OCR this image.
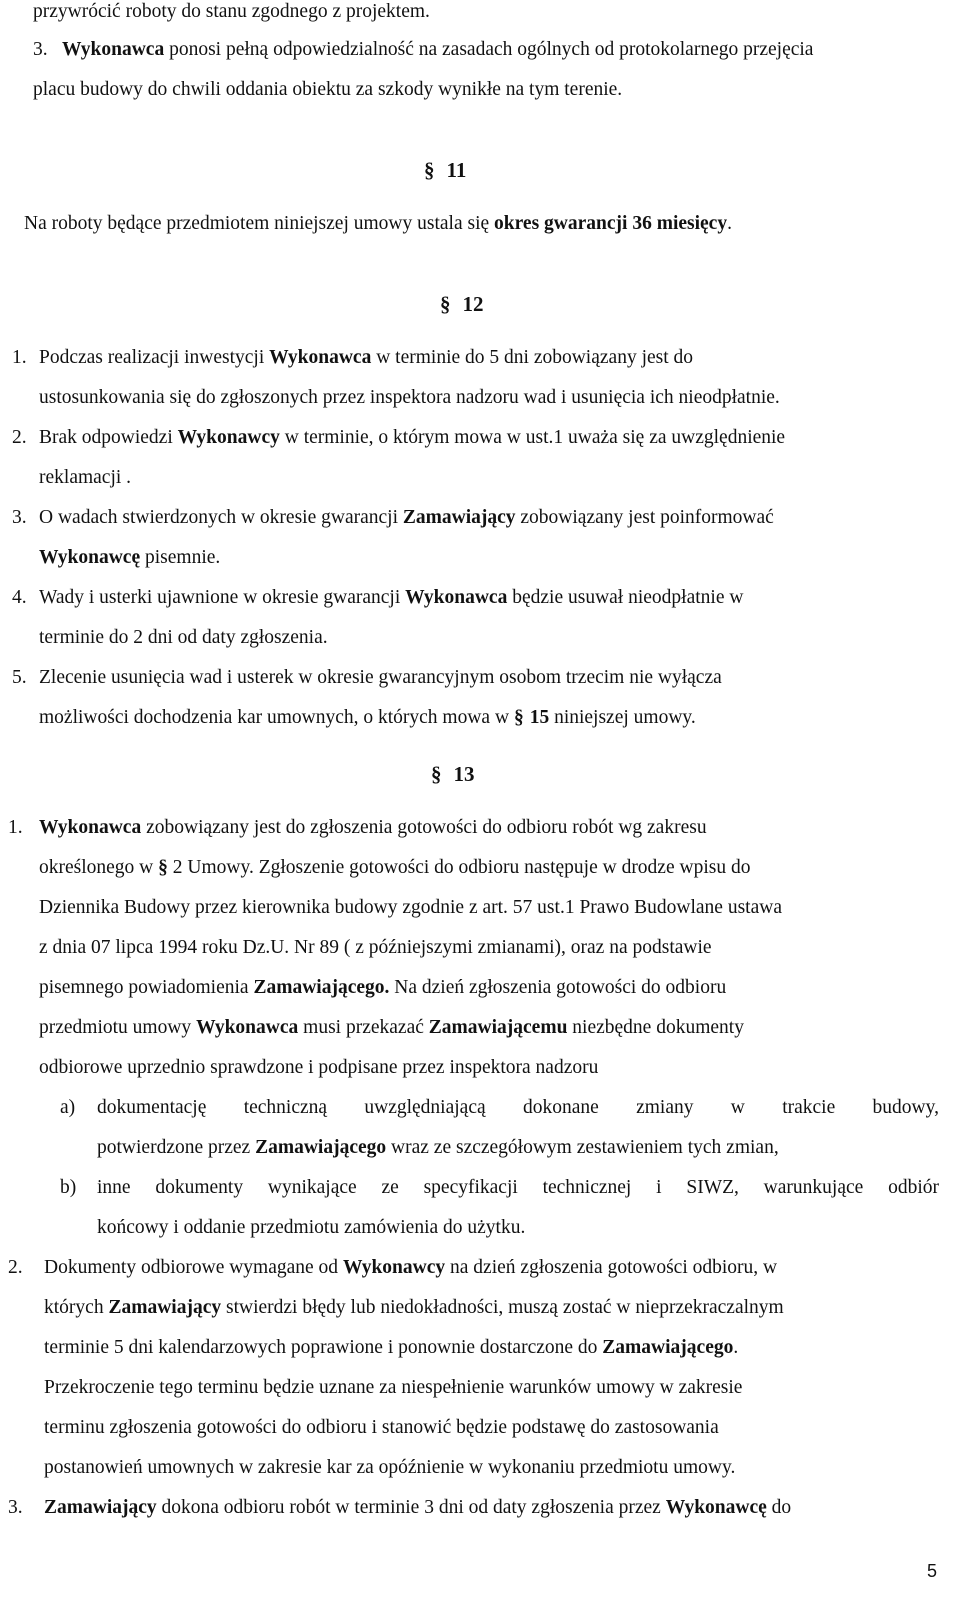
przywrócić roboty do stanu zgodnego z projektem.
3. Wykonawca ponosi pełną odpowiedzialność na zasadach ogólnych od protokolarnego przejęcia
placu budowy do chwili oddania obiektu za szkody wynikłe na tym terenie.
§ 11
Na roboty będące przedmiotem niniejszej umowy ustala się okres gwarancji 36 miesięcy.
§ 12
1. Podczas realizacji inwestycji Wykonawca w terminie do 5 dni zobowiązany jest do
ustosunkowania się do zgłoszonych przez inspektora nadzoru wad i usunięcia ich nieodpłatnie.
2. Brak odpowiedzi Wykonawcy w terminie, o którym mowa w ust.1 uważa się za uwzględnienie
reklamacji .
3. O wadach stwierdzonych w okresie gwarancji Zamawiający zobowiązany jest poinformować
Wykonawcę pisemnie.
4. Wady i usterki ujawnione w okresie gwarancji Wykonawca będzie usuwał nieodpłatnie w
terminie do 2 dni od daty zgłoszenia.
5. Zlecenie usunięcia wad i usterek w okresie gwarancyjnym osobom trzecim nie wyłącza
możliwości dochodzenia kar umownych, o których mowa w § 15 niniejszej umowy.
§ 13
1. Wykonawca zobowiązany jest do zgłoszenia gotowości do odbioru robót wg zakresu
określonego w § 2 Umowy. Zgłoszenie gotowości do odbioru następuje w drodze wpisu do
Dziennika Budowy przez kierownika budowy zgodnie z art. 57 ust.1 Prawo Budowlane ustawa
z dnia 07 lipca 1994 roku Dz.U. Nr 89 ( z późniejszymi zmianami), oraz na podstawie
pisemnego powiadomienia Zamawiającego. Na dzień zgłoszenia gotowości do odbioru
przedmiotu umowy Wykonawca musi przekazać Zamawiającemu niezbędne dokumenty
odbiorowe uprzednio sprawdzone i podpisane przez inspektora nadzoru
a) dokumentację techniczną uwzględniającą dokonane zmiany w trakcie budowy,
potwierdzone przez Zamawiającego wraz ze szczegółowym zestawieniem tych zmian,
b) inne dokumenty wynikające ze specyfikacji technicznej i SIWZ, warunkujące odbiór
końcowy i oddanie przedmiotu zamówienia do użytku.
2. Dokumenty odbiorowe wymagane od Wykonawcy na dzień zgłoszenia gotowości odbioru, w
których Zamawiający stwierdzi błędy lub niedokładności, muszą zostać w nieprzekraczalnym
terminie 5 dni kalendarzowych poprawione i ponownie dostarczone do Zamawiającego.
Przekroczenie tego terminu będzie uznane za niespełnienie warunków umowy w zakresie
terminu zgłoszenia gotowości do odbioru i stanowić będzie podstawę do zastosowania
postanowień umownych w zakresie kar za opóźnienie w wykonaniu przedmiotu umowy.
3. Zamawiający dokona odbioru robót w terminie 3 dni od daty zgłoszenia przez Wykonawcę do
5
